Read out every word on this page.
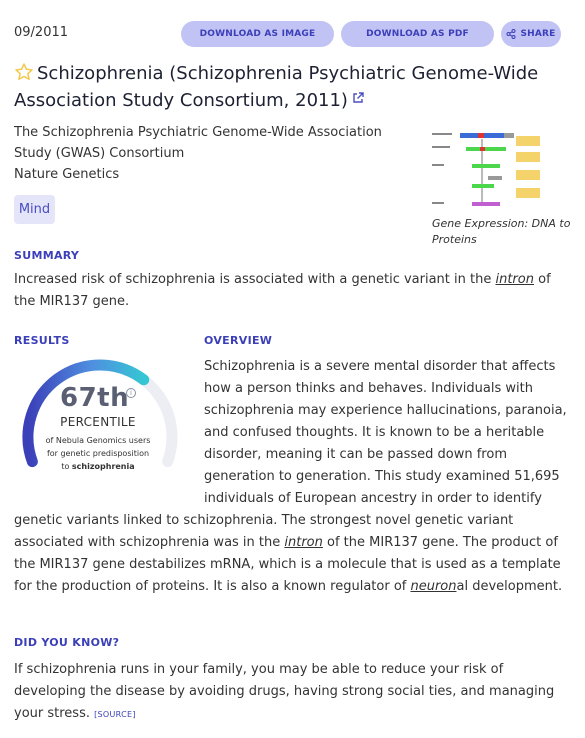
09/2011	DOWNLOAD AS IMAGE	DOWNLOAD AS PDF	SHARE
Schizophrenia (Schizophrenia Psychiatric Genome-Wide Association Study Consortium, 2011)
The Schizophrenia Psychiatric Genome-Wide Association Study (GWAS) Consortium
Nature Genetics
Mind
Gene Expression: DNA to Proteins
SUMMARY
Increased risk of schizophrenia is associated with a genetic variant in the intron of the MIR137 gene.
RESULTS	OVERVIEW
67th i
PERCENTILE
of Nebula Genomics users
for genetic predisposition
to schizophrenia
Schizophrenia is a severe mental disorder that affects how a person thinks and behaves. Individuals with schizophrenia may experience hallucinations, paranoia, and confused thoughts. It is known to be a heritable disorder, meaning it can be passed down from generation to generation. This study examined 51,695 individuals of European ancestry in order to identify genetic variants linked to schizophrenia. The strongest novel genetic variant associated with schizophrenia was in the intron of the MIR137 gene. The product of the MIR137 gene destabilizes mRNA, which is a molecule that is used as a template for the production of proteins. It is also a known regulator of neuronal development.
DID YOU KNOW?
If schizophrenia runs in your family, you may be able to reduce your risk of developing the disease by avoiding drugs, having strong social ties, and managing your stress. [SOURCE]
